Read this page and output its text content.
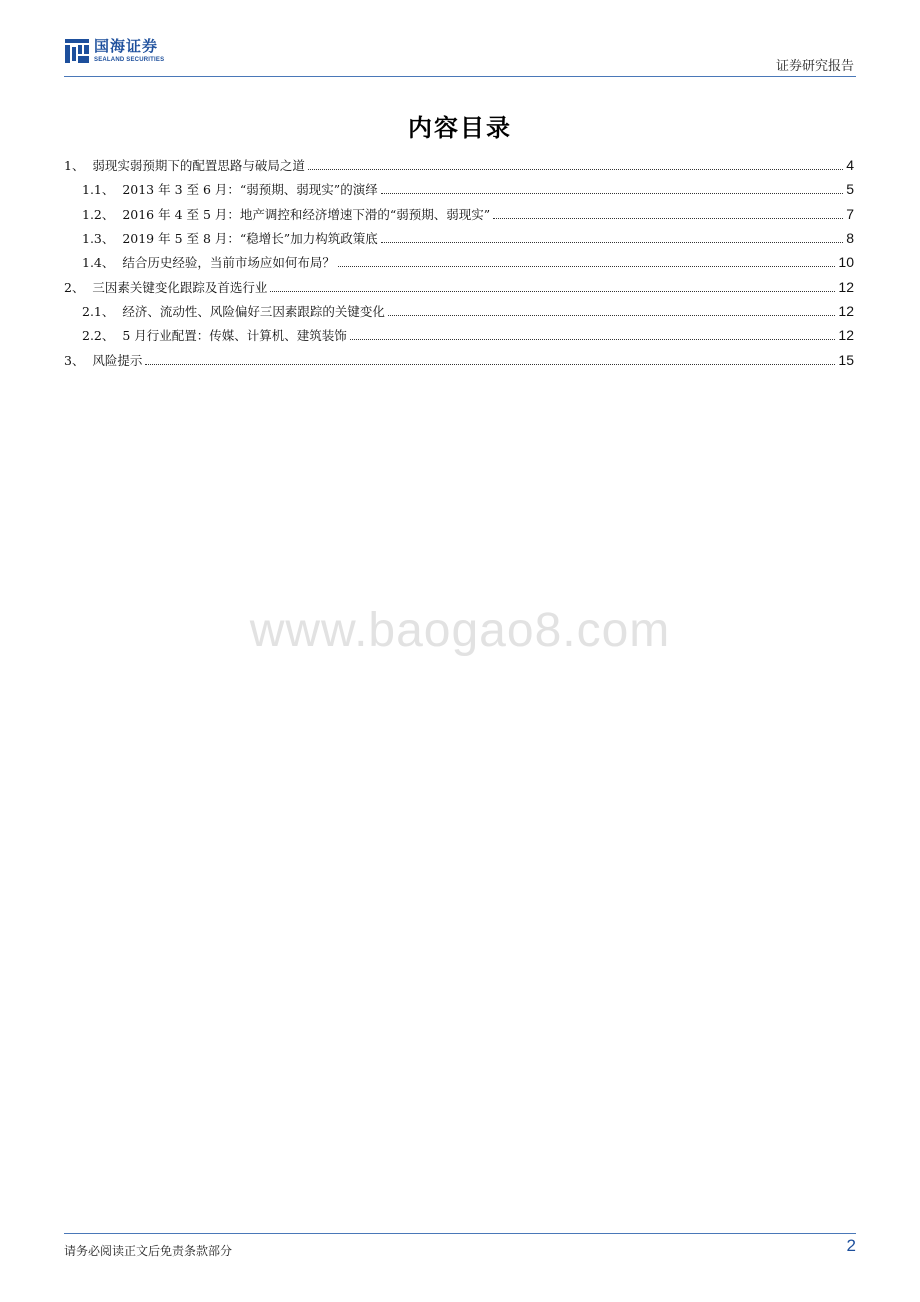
国海证券
SEALAND SECURITIES	证券研究报告
内容目录
1、 弱现实弱预期下的配置思路与破局之道	4
1.1、 2013 年 3 至 6 月：“弱预期、弱现实”的演绎	5
1.2、 2016 年 4 至 5 月：地产调控和经济增速下滑的“弱预期、弱现实”	7
1.3、 2019 年 5 至 8 月：“稳增长”加力构筑政策底	8
1.4、 结合历史经验，当前市场应如何布局？	10
2、 三因素关键变化跟踪及首选行业	12
2.1、 经济、流动性、风险偏好三因素跟踪的关键变化	12
2.2、 5 月行业配置：传媒、计算机、建筑装饰	12
3、 风险提示	15
www.baogao8.com
请务必阅读正文后免责条款部分	2
